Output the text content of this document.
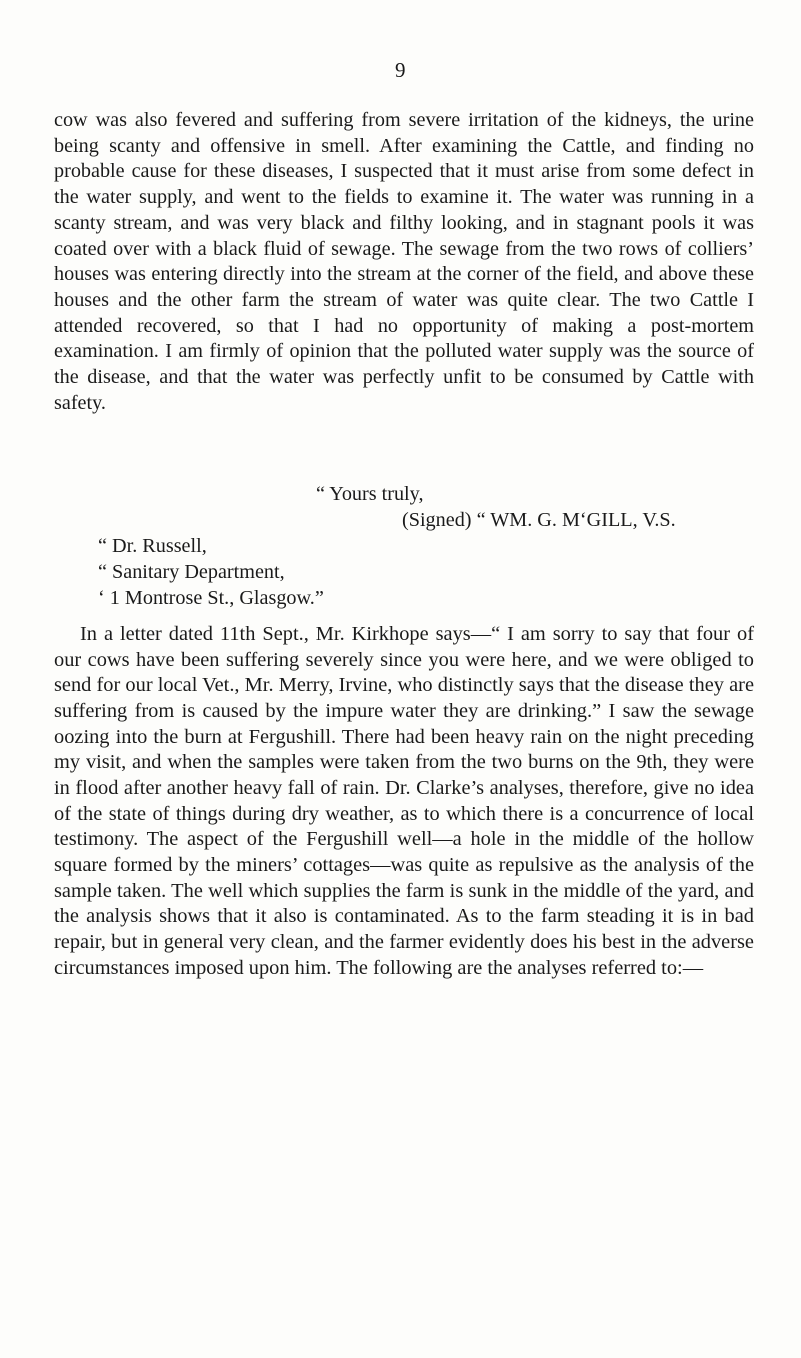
9

cow was also fevered and suffering from severe irritation of the kidneys, the urine being scanty and offensive in smell. After examining the Cattle, and finding no probable cause for these diseases, I suspected that it must arise from some defect in the water supply, and went to the fields to examine it. The water was running in a scanty stream, and was very black and filthy looking, and in stagnant pools it was coated over with a black fluid of sewage. The sewage from the two rows of colliers’ houses was entering directly into the stream at the corner of the field, and above these houses and the other farm the stream of water was quite clear. The two Cattle I attended recovered, so that I had no opportunity of making a post-mortem examination. I am firmly of opinion that the polluted water supply was the source of the disease, and that the water was perfectly unfit to be consumed by Cattle with safety.

“ Yours truly,
(Signed) “ WM. G. M‘GILL, V.S.
“ Dr. Russell,
“ Sanitary Department,
‘ 1 Montrose St., Glasgow.”

In a letter dated 11th Sept., Mr. Kirkhope says—“ I am sorry to say that four of our cows have been suffering severely since you were here, and we were obliged to send for our local Vet., Mr. Merry, Irvine, who distinctly says that the disease they are suffering from is caused by the impure water they are drinking.” I saw the sewage oozing into the burn at Fergushill. There had been heavy rain on the night preceding my visit, and when the samples were taken from the two burns on the 9th, they were in flood after another heavy fall of rain. Dr. Clarke’s analyses, therefore, give no idea of the state of things during dry weather, as to which there is a concurrence of local testimony. The aspect of the Fergushill well—a hole in the middle of the hollow square formed by the miners’ cottages—was quite as repulsive as the analysis of the sample taken. The well which supplies the farm is sunk in the middle of the yard, and the analysis shows that it also is contaminated. As to the farm steading it is in bad repair, but in general very clean, and the farmer evidently does his best in the adverse circumstances imposed upon him. The following are the analyses referred to:—
